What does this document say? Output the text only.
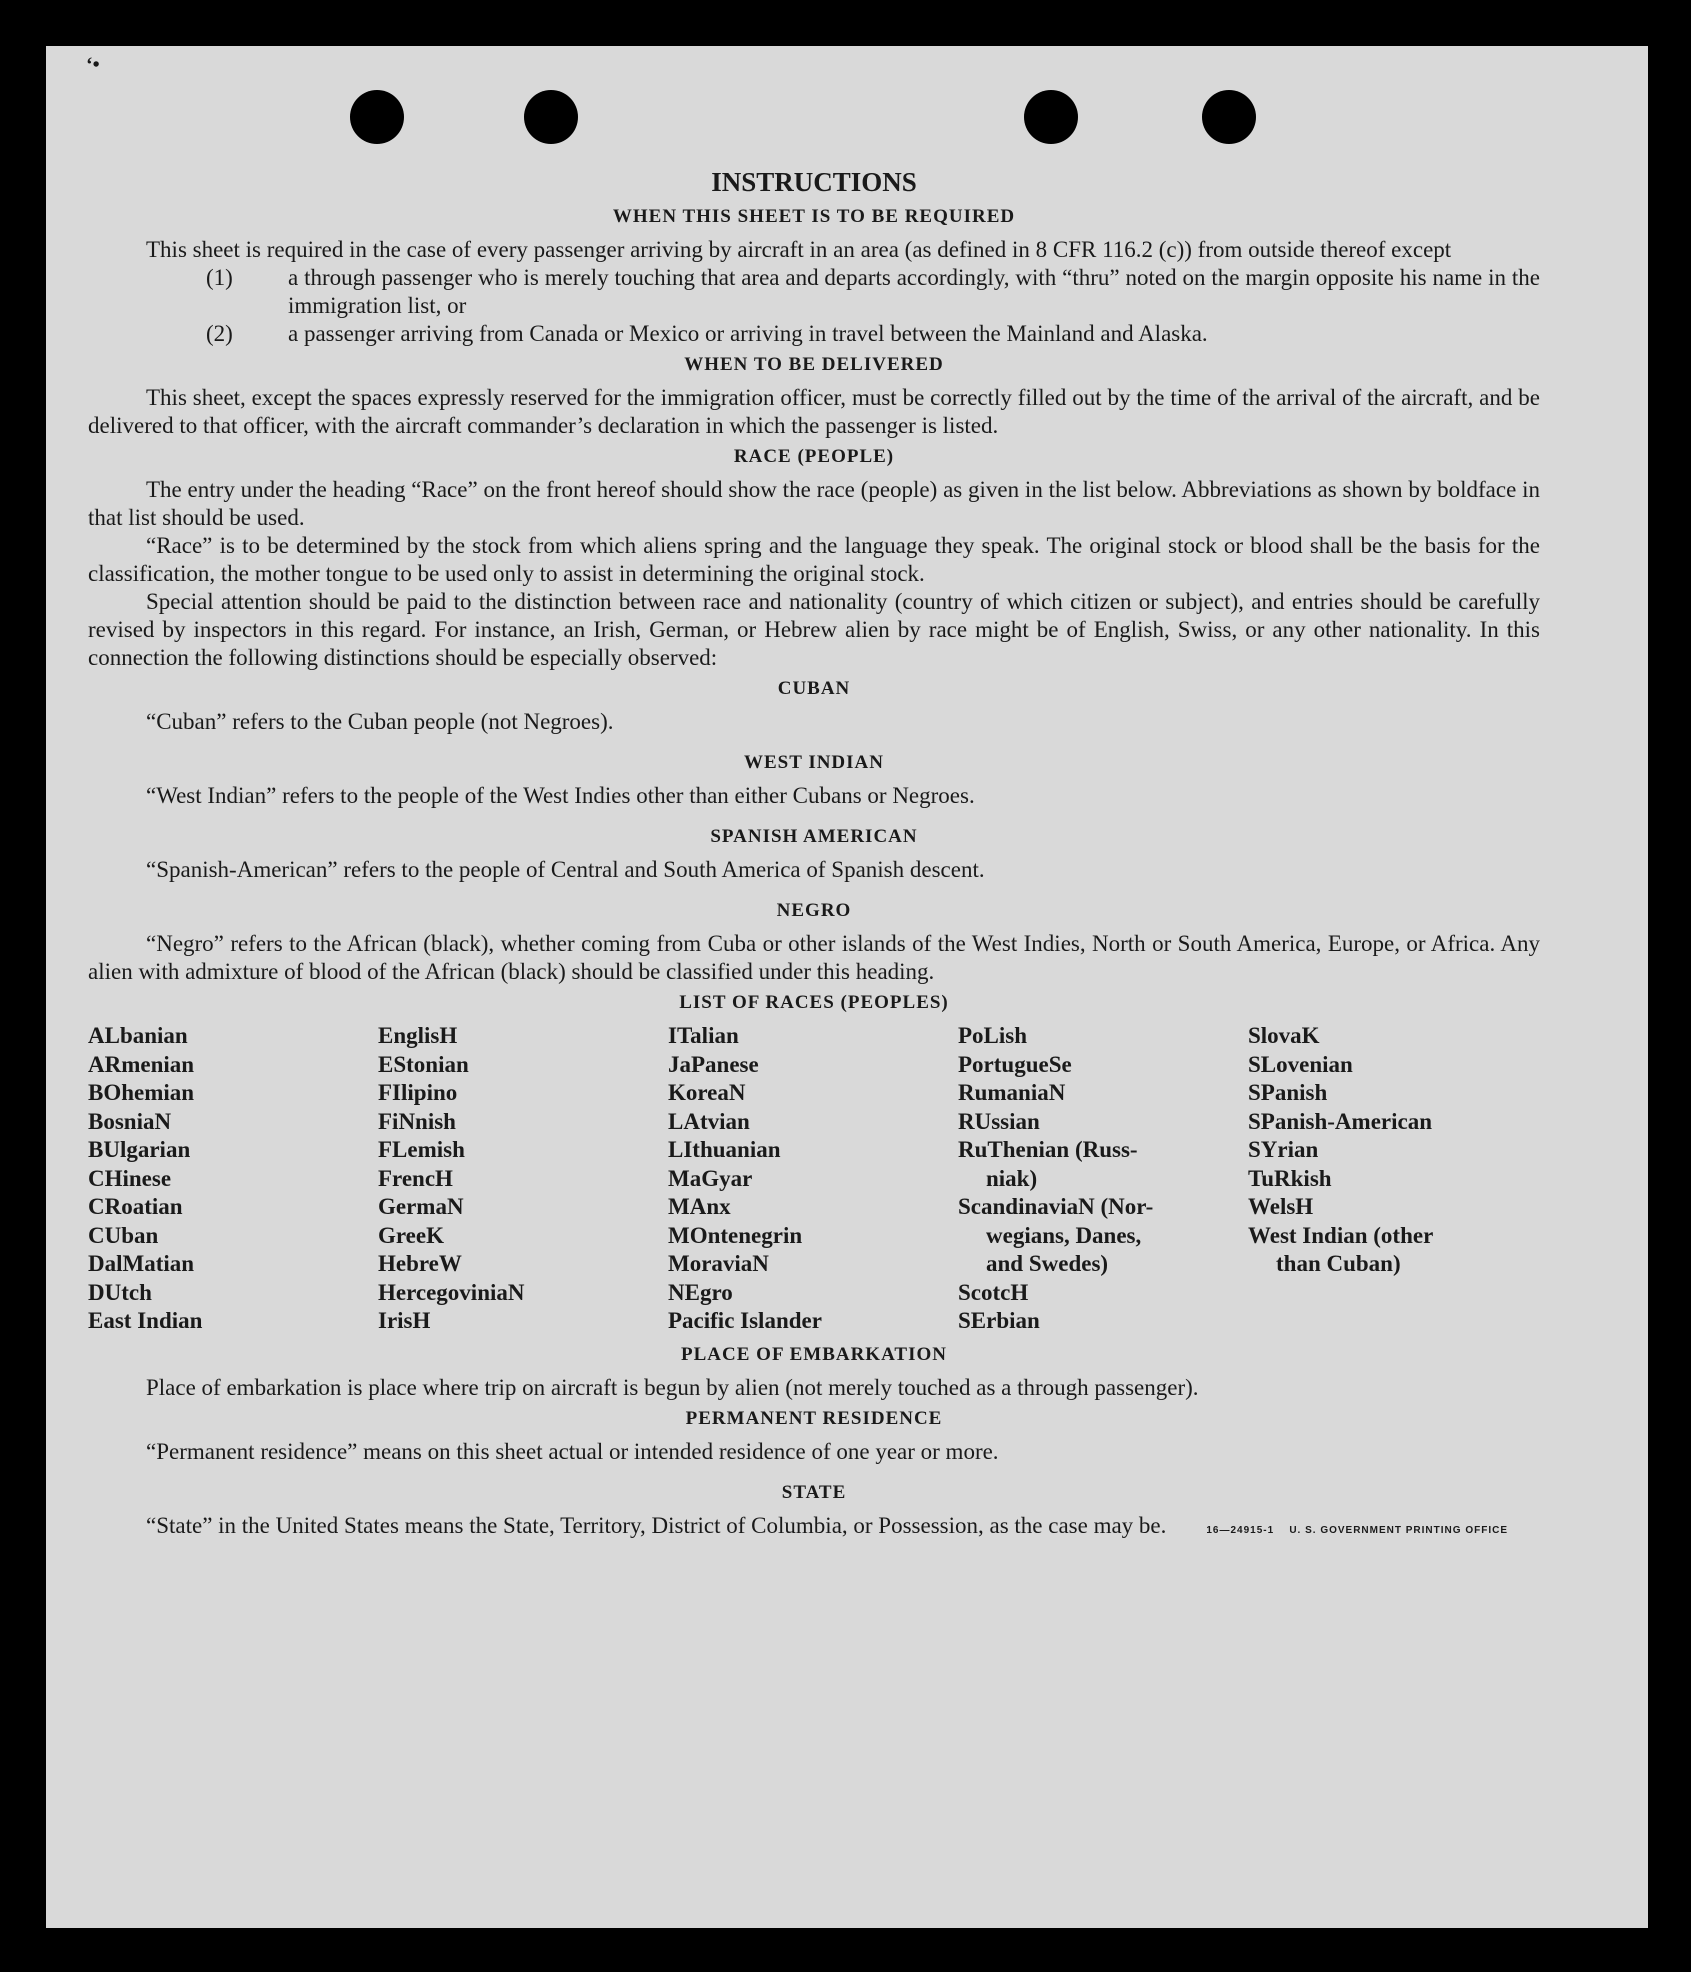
‘•
INSTRUCTIONS
WHEN THIS SHEET IS TO BE REQUIRED

This sheet is required in the case of every passenger arriving by aircraft in an area (as defined in 8 CFR 116.2 (c)) from outside thereof except

(1) a through passenger who is merely touching that area and departs accordingly, with “thru” noted on the margin opposite his name in the immigration list, or
(2) a passenger arriving from Canada or Mexico or arriving in travel between the Mainland and Alaska.
WHEN TO BE DELIVERED

This sheet, except the spaces expressly reserved for the immigration officer, must be correctly filled out by the time of the arrival of the aircraft, and be delivered to that officer, with the aircraft commander’s declaration in which the passenger is listed.

RACE (PEOPLE)

The entry under the heading “Race” on the front hereof should show the race (people) as given in the list below. Abbreviations as shown by boldface in that list should be used.

“Race” is to be determined by the stock from which aliens spring and the language they speak. The original stock or blood shall be the basis for the classification, the mother tongue to be used only to assist in determining the original stock.

Special attention should be paid to the distinction between race and nationality (country of which citizen or subject), and entries should be carefully revised by inspectors in this regard. For instance, an Irish, German, or Hebrew alien by race might be of English, Swiss, or any other nationality. In this connection the following distinctions should be especially observed:

CUBAN

“Cuban” refers to the Cuban people (not Negroes).

WEST INDIAN

“West Indian” refers to the people of the West Indies other than either Cubans or Negroes.

SPANISH AMERICAN

“Spanish-American” refers to the people of Central and South America of Spanish descent.

NEGRO

“Negro” refers to the African (black), whether coming from Cuba or other islands of the West Indies, North or South America, Europe, or Africa. Any alien with admixture of blood of the African (black) should be classified under this heading.

LIST OF RACES (PEOPLES)
ALbanian
ARmenian
BOhemian
BosniaN
BUlgarian
CHinese
CRoatian
CUban
DalMatian
DUtch
East Indian
EnglisH
EStonian
FIlipino
FiNnish
FLemish
FrencH
GermaN
GreeK
HebreW
HercegoviniaN
IrisH
ITalian
JaPanese
KoreaN
LAtvian
LIthuanian
MaGyar
MAnx
MOntenegrin
MoraviaN
NEgro
Pacific Islander
PoLish
PortugueSe
RumaniaN
RUssian
RuThenian (Russ-
niak)
ScandinaviaN (Nor-
wegians, Danes,
and Swedes)
ScotcH
SErbian
SlovaK
SLovenian
SPanish
SPanish-American
SYrian
TuRkish
WelsH
West Indian (other
than Cuban)
PLACE OF EMBARKATION

Place of embarkation is place where trip on aircraft is begun by alien (not merely touched as a through passenger).

PERMANENT RESIDENCE

“Permanent residence” means on this sheet actual or intended residence of one year or more.

STATE

“State” in the United States means the State, Territory, District of Columbia, or Possession, as the case may be.	16—24915-1 U. S. GOVERNMENT PRINTING OFFICE
